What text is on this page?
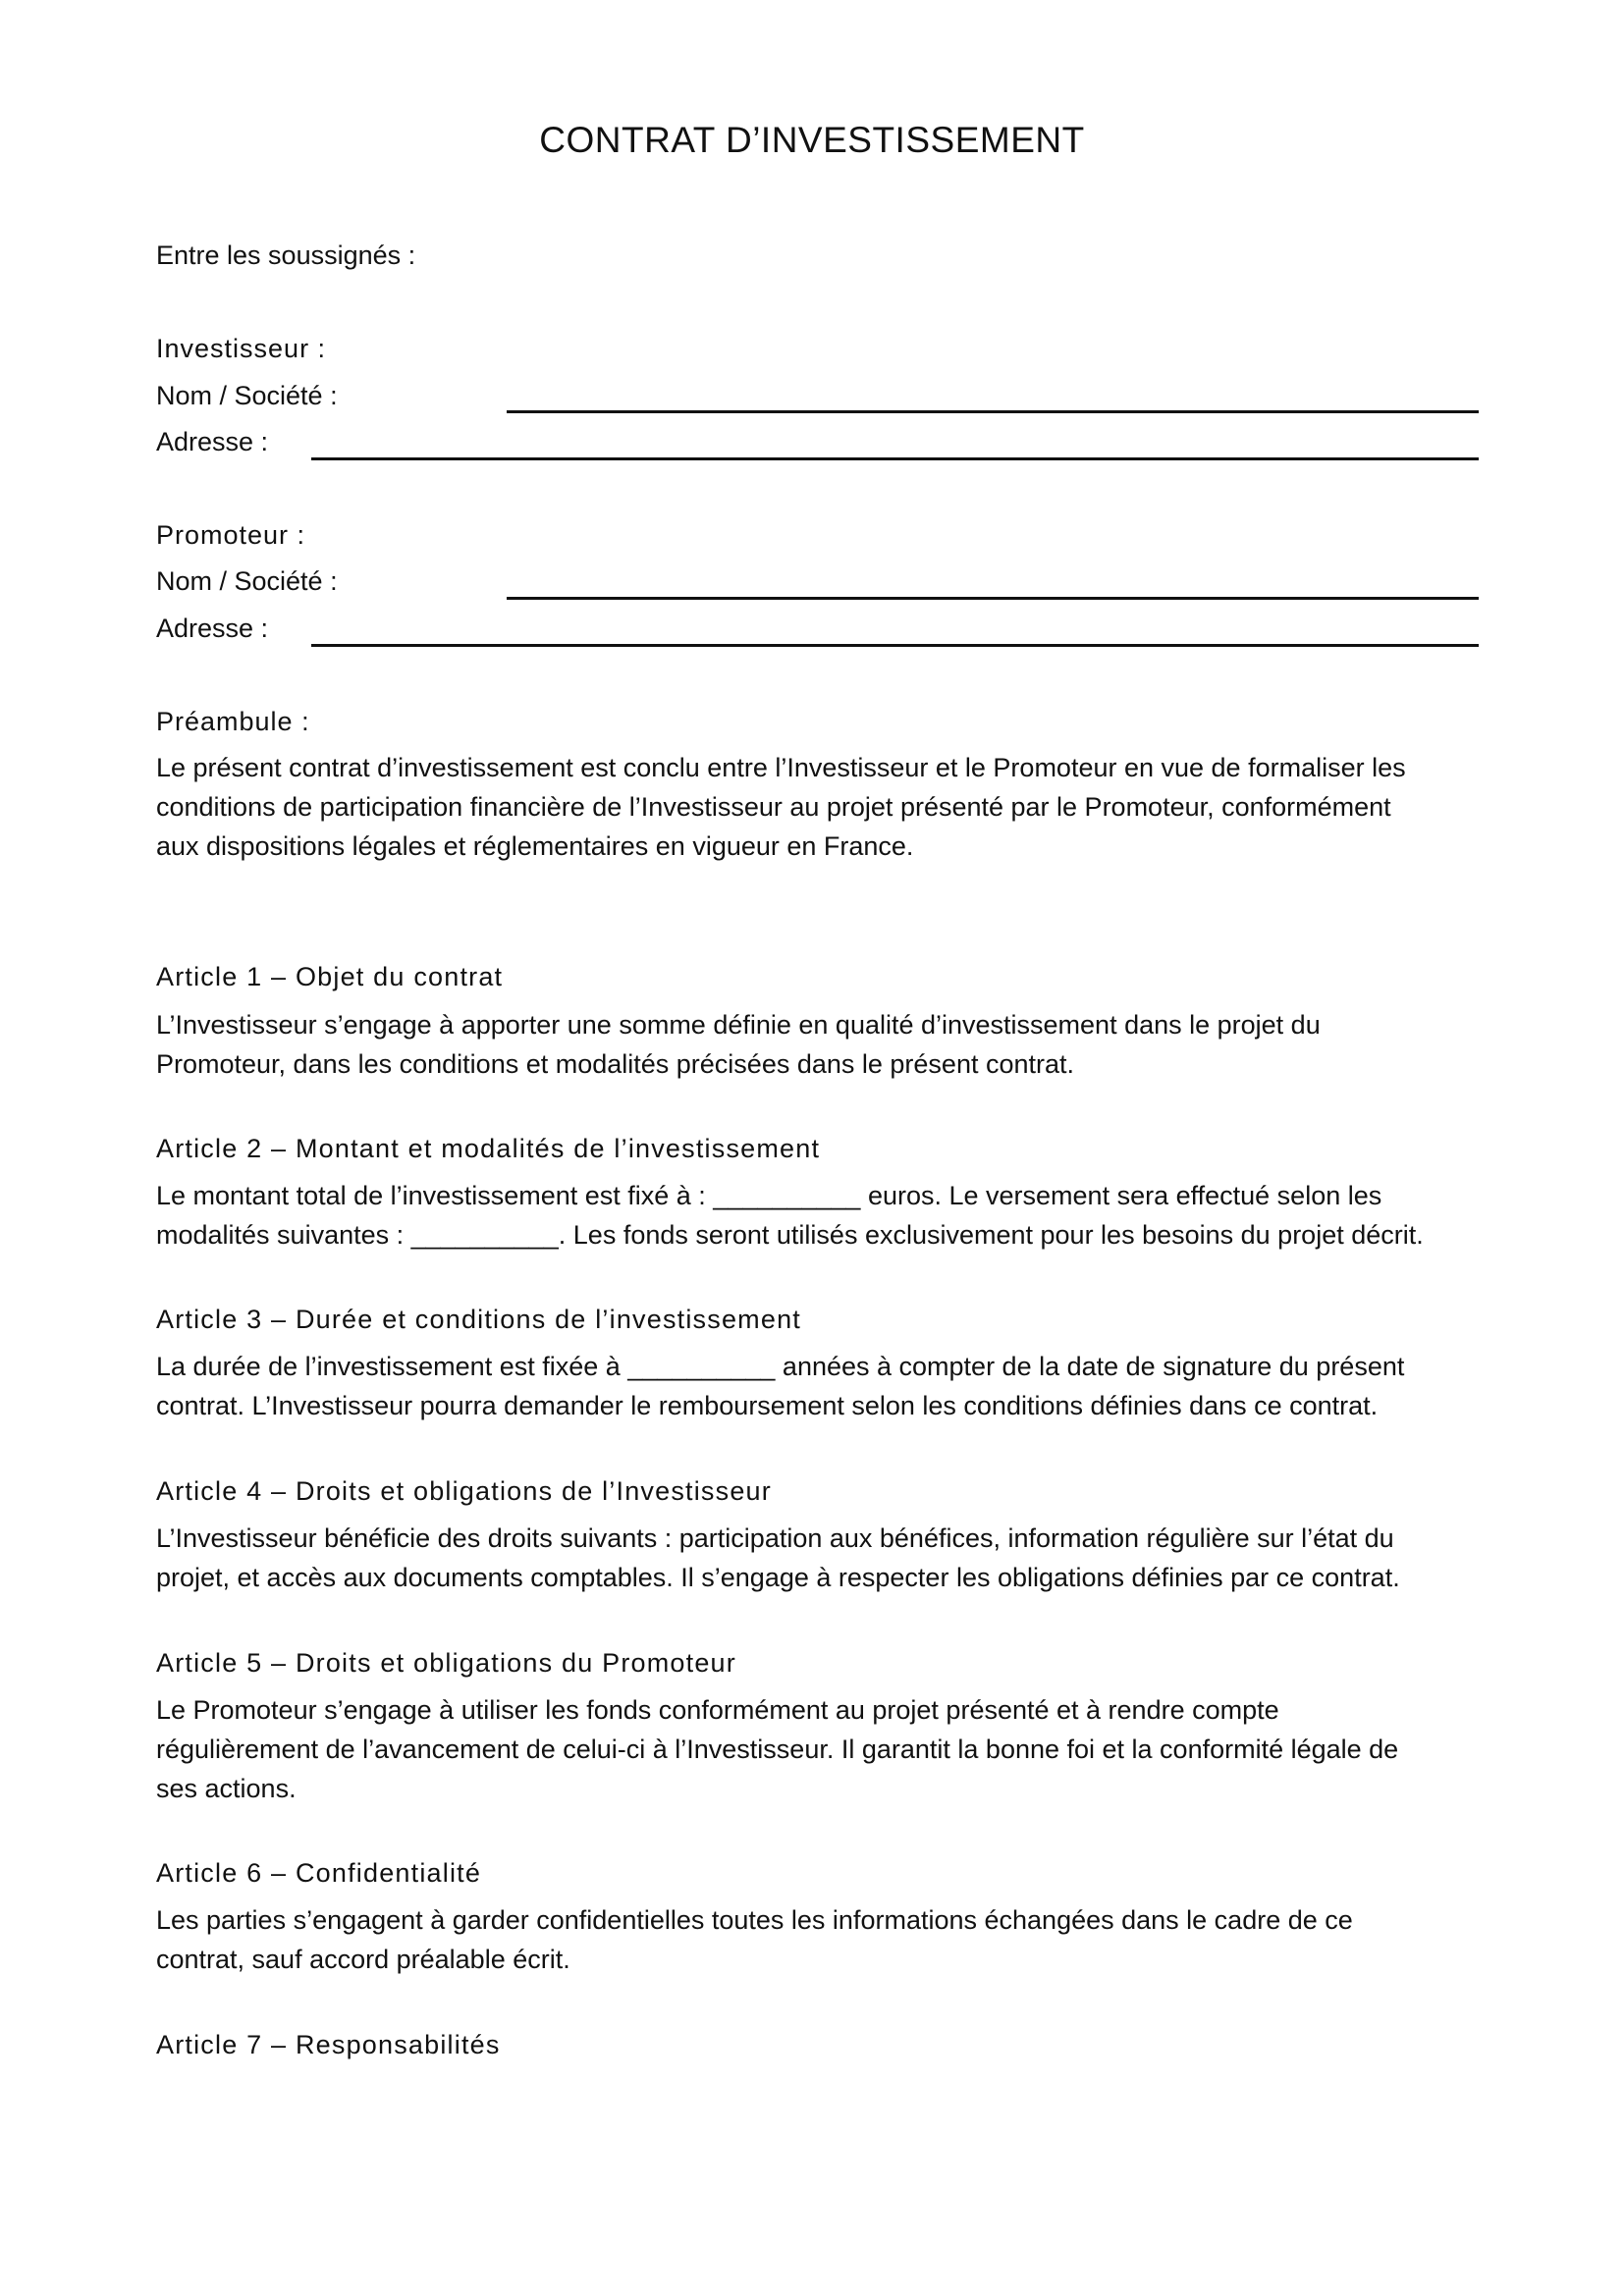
CONTRAT D’INVESTISSEMENT
Entre les soussignés :
Investisseur :
Nom / Société :
Adresse :
Promoteur :
Nom / Société :
Adresse :
Préambule :
Le présent contrat d’investissement est conclu entre l’Investisseur et le Promoteur en vue de formaliser les
conditions de participation financière de l’Investisseur au projet présenté par le Promoteur, conformément
aux dispositions légales et réglementaires en vigueur en France.
Article 1 – Objet du contrat
L’Investisseur s’engage à apporter une somme définie en qualité d’investissement dans le projet du
Promoteur, dans les conditions et modalités précisées dans le présent contrat.
Article 2 – Montant et modalités de l’investissement
Le montant total de l’investissement est fixé à : __________ euros. Le versement sera effectué selon les
modalités suivantes : __________. Les fonds seront utilisés exclusivement pour les besoins du projet décrit.
Article 3 – Durée et conditions de l’investissement
La durée de l’investissement est fixée à __________ années à compter de la date de signature du présent
contrat. L’Investisseur pourra demander le remboursement selon les conditions définies dans ce contrat.
Article 4 – Droits et obligations de l’Investisseur
L’Investisseur bénéficie des droits suivants : participation aux bénéfices, information régulière sur l’état du
projet, et accès aux documents comptables. Il s’engage à respecter les obligations définies par ce contrat.
Article 5 – Droits et obligations du Promoteur
Le Promoteur s’engage à utiliser les fonds conformément au projet présenté et à rendre compte
régulièrement de l’avancement de celui-ci à l’Investisseur. Il garantit la bonne foi et la conformité légale de
ses actions.
Article 6 – Confidentialité
Les parties s’engagent à garder confidentielles toutes les informations échangées dans le cadre de ce
contrat, sauf accord préalable écrit.
Article 7 – Responsabilités
